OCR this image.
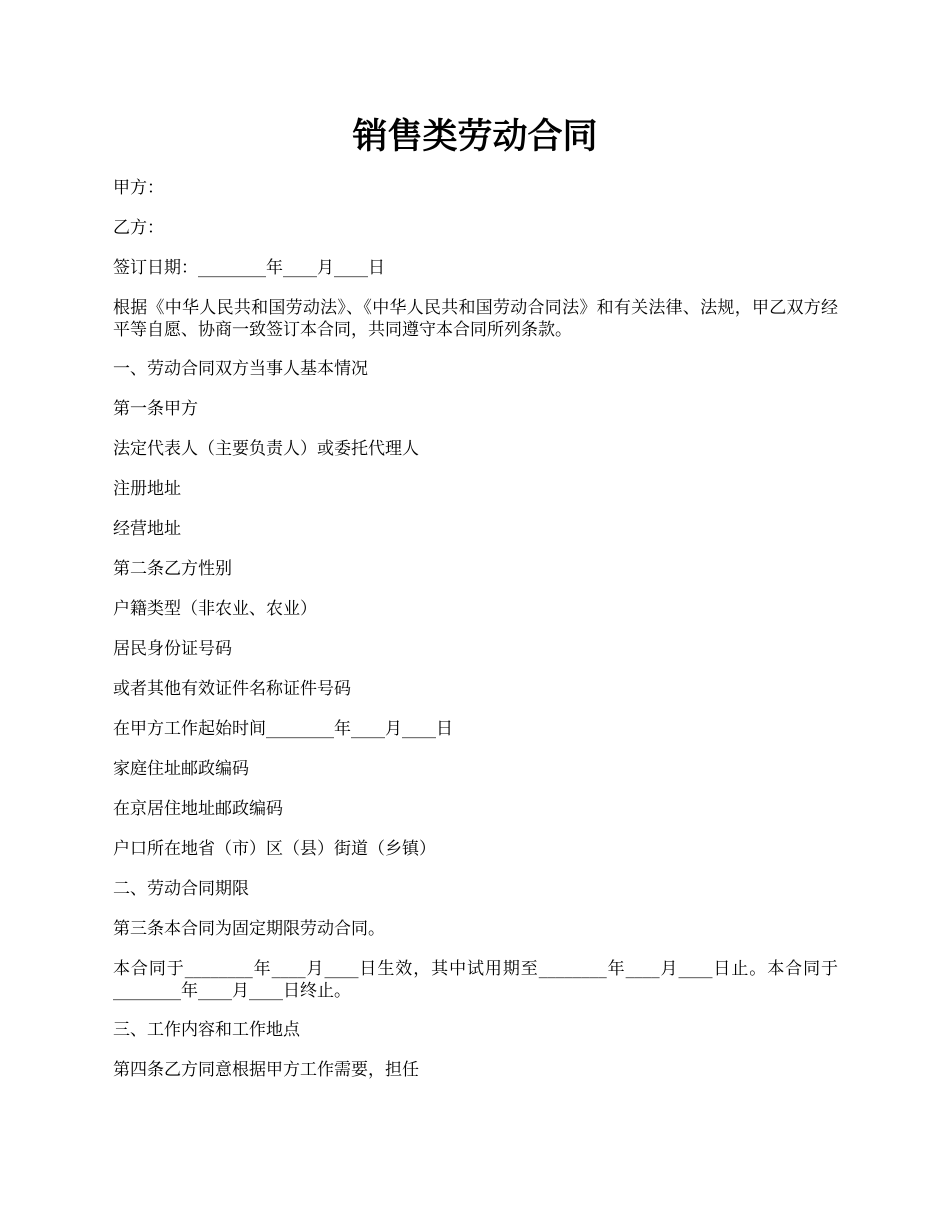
销售类劳动合同

甲方：

乙方：

签订日期：________年____月____日

根据《中华人民共和国劳动法》、《中华人民共和国劳动合同法》和有关法律、法规，甲乙双方经平等自愿、协商一致签订本合同，共同遵守本合同所列条款。

一、劳动合同双方当事人基本情况

第一条甲方

法定代表人（主要负责人）或委托代理人

注册地址

经营地址

第二条乙方性别

户籍类型（非农业、农业）

居民身份证号码

或者其他有效证件名称证件号码

在甲方工作起始时间________年____月____日

家庭住址邮政编码

在京居住地址邮政编码

户口所在地省（市）区（县）街道（乡镇）

二、劳动合同期限

第三条本合同为固定期限劳动合同。

本合同于________年____月____日生效，其中试用期至________年____月____日止。本合同于________年____月____日终止。

三、工作内容和工作地点

第四条乙方同意根据甲方工作需要，担任
